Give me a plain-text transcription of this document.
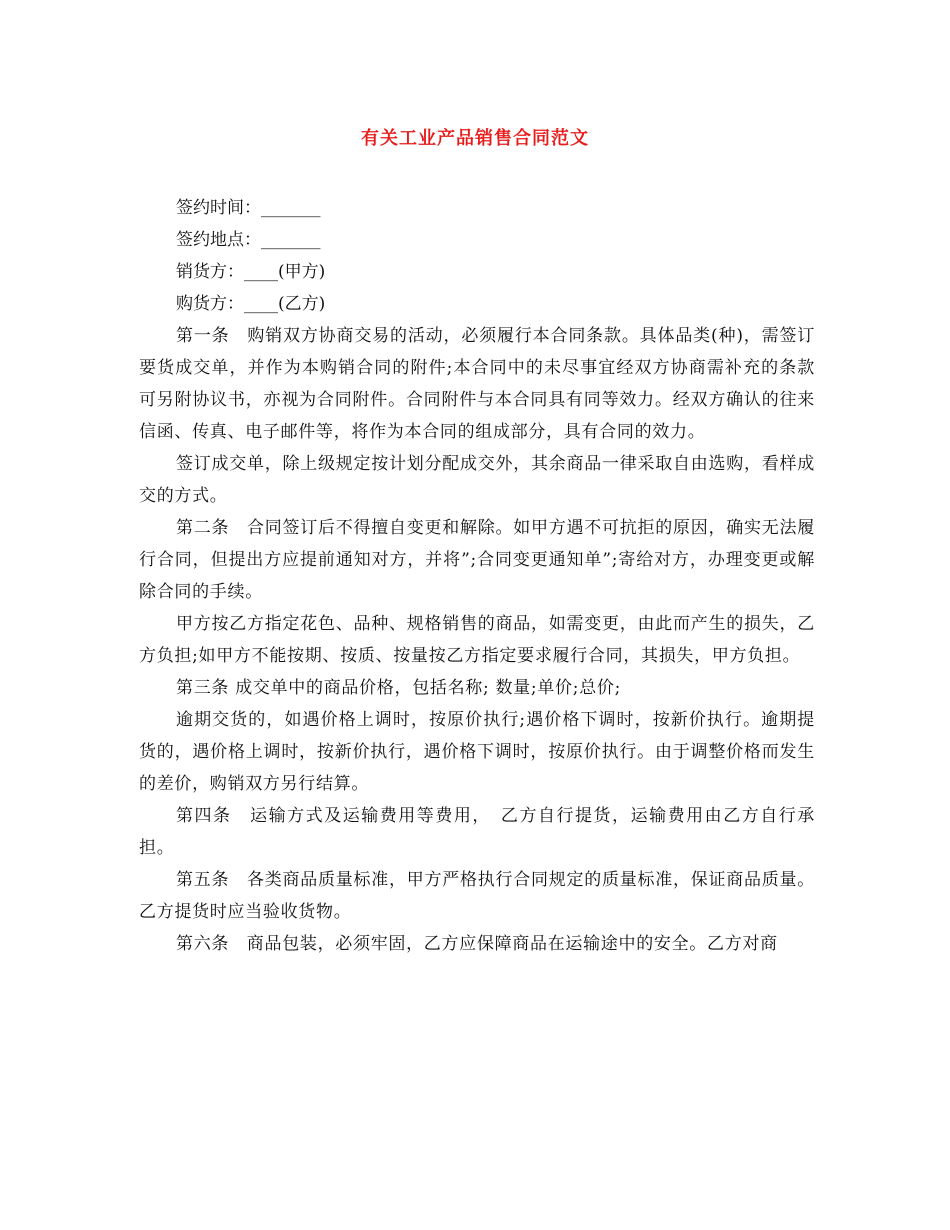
有关工业产品销售合同范文

签约时间：_______

签约地点：_______

销货方：____(甲方)

购货方：____(乙方)

第一条　购销双方协商交易的活动，必须履行本合同条款。具体品类(种)，需签订要货成交单，并作为本购销合同的附件;本合同中的未尽事宜经双方协商需补充的条款可另附协议书，亦视为合同附件。合同附件与本合同具有同等效力。经双方确认的往来信函、传真、电子邮件等，将作为本合同的组成部分，具有合同的效力。

签订成交单，除上级规定按计划分配成交外，其余商品一律采取自由选购，看样成交的方式。

第二条　合同签订后不得擅自变更和解除。如甲方遇不可抗拒的原因，确实无法履行合同，但提出方应提前通知对方，并将”;合同变更通知单”;寄给对方，办理变更或解除合同的手续。

甲方按乙方指定花色、品种、规格销售的商品，如需变更，由此而产生的损失，乙方负担;如甲方不能按期、按质、按量按乙方指定要求履行合同，其损失，甲方负担。

第三条 成交单中的商品价格，包括名称; 数量;单价;总价;

逾期交货的，如遇价格上调时，按原价执行;遇价格下调时，按新价执行。逾期提货的，遇价格上调时，按新价执行，遇价格下调时，按原价执行。由于调整价格而发生的差价，购销双方另行结算。

第四条　运输方式及运输费用等费用，　乙方自行提货，运输费用由乙方自行承担。

第五条　各类商品质量标准，甲方严格执行合同规定的质量标准，保证商品质量。乙方提货时应当验收货物。

第六条　商品包装，必须牢固，乙方应保障商品在运输途中的安全。乙方对商
